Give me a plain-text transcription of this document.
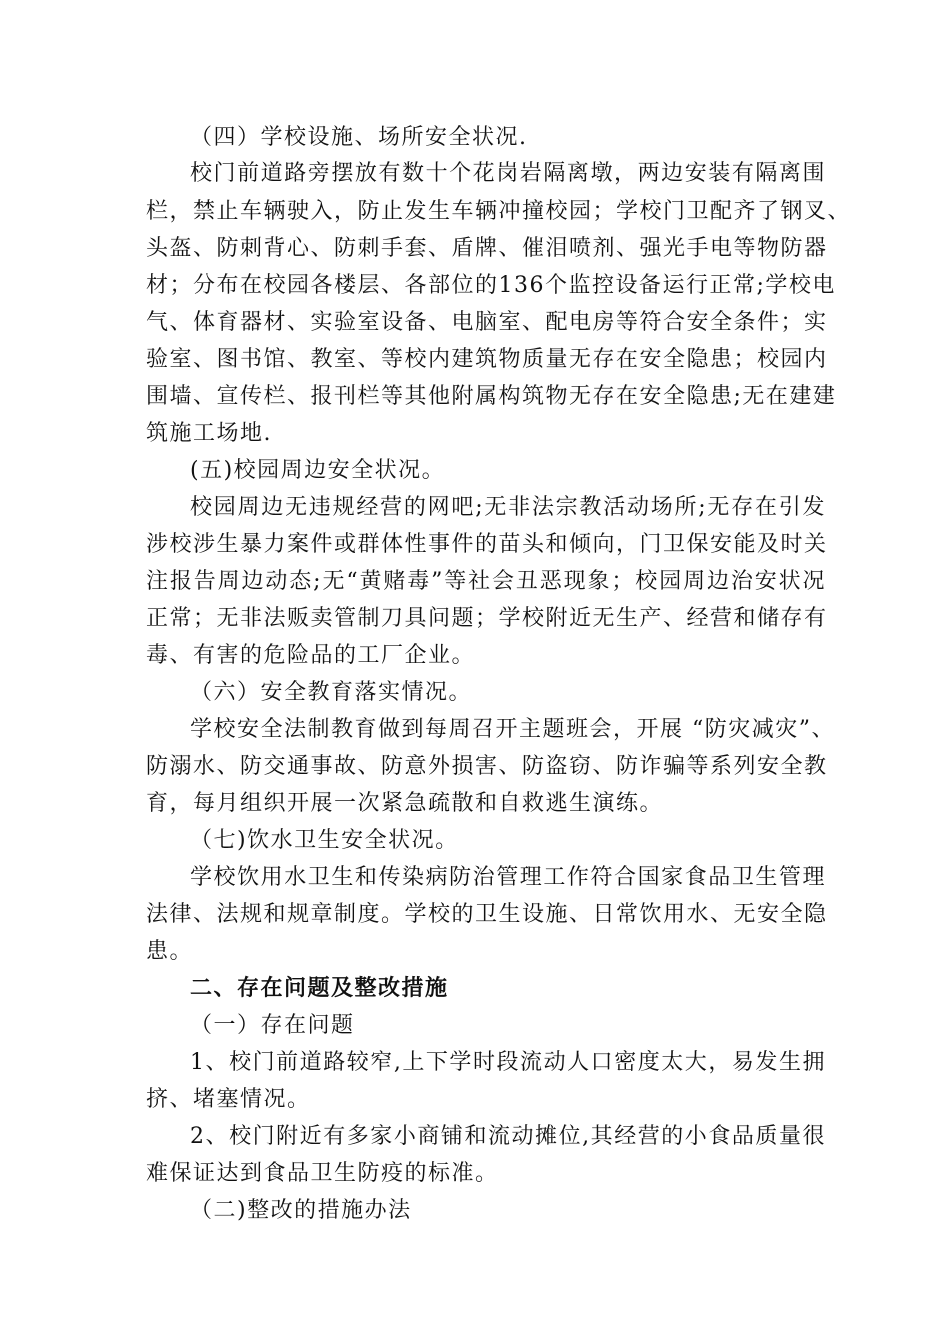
（四）学校设施、场所安全状况.
校门前道路旁摆放有数十个花岗岩隔离墩，两边安装有隔离围
栏，禁止车辆驶入，防止发生车辆冲撞校园；学校门卫配齐了钢叉、
头盔、防刺背心、防刺手套、盾牌、催泪喷剂、强光手电等物防器
材；分布在校园各楼层、各部位的136个监控设备运行正常;学校电
气、体育器材、实验室设备、电脑室、配电房等符合安全条件；实
验室、图书馆、教室、等校内建筑物质量无存在安全隐患；校园内
围墙、宣传栏、报刊栏等其他附属构筑物无存在安全隐患;无在建建
筑施工场地.
(五)校园周边安全状况。
校园周边无违规经营的网吧;无非法宗教活动场所;无存在引发
涉校涉生暴力案件或群体性事件的苗头和倾向，门卫保安能及时关
注报告周边动态;无“黄赌毒”等社会丑恶现象；校园周边治安状况
正常；无非法贩卖管制刀具问题；学校附近无生产、经营和储存有
毒、有害的危险品的工厂企业。
（六）安全教育落实情况。
学校安全法制教育做到每周召开主题班会，开展 “防灾减灾”、
防溺水、防交通事故、防意外损害、防盗窃、防诈骗等系列安全教
育，每月组织开展一次紧急疏散和自救逃生演练。
（七)饮水卫生安全状况。
学校饮用水卫生和传染病防治管理工作符合国家食品卫生管理
法律、法规和规章制度。学校的卫生设施、日常饮用水、无安全隐
患。
二、存在问题及整改措施
（一）存在问题
1、校门前道路较窄,上下学时段流动人口密度太大，易发生拥
挤、堵塞情况。
2、校门附近有多家小商铺和流动摊位,其经营的小食品质量很
难保证达到食品卫生防疫的标准。
（二)整改的措施办法
